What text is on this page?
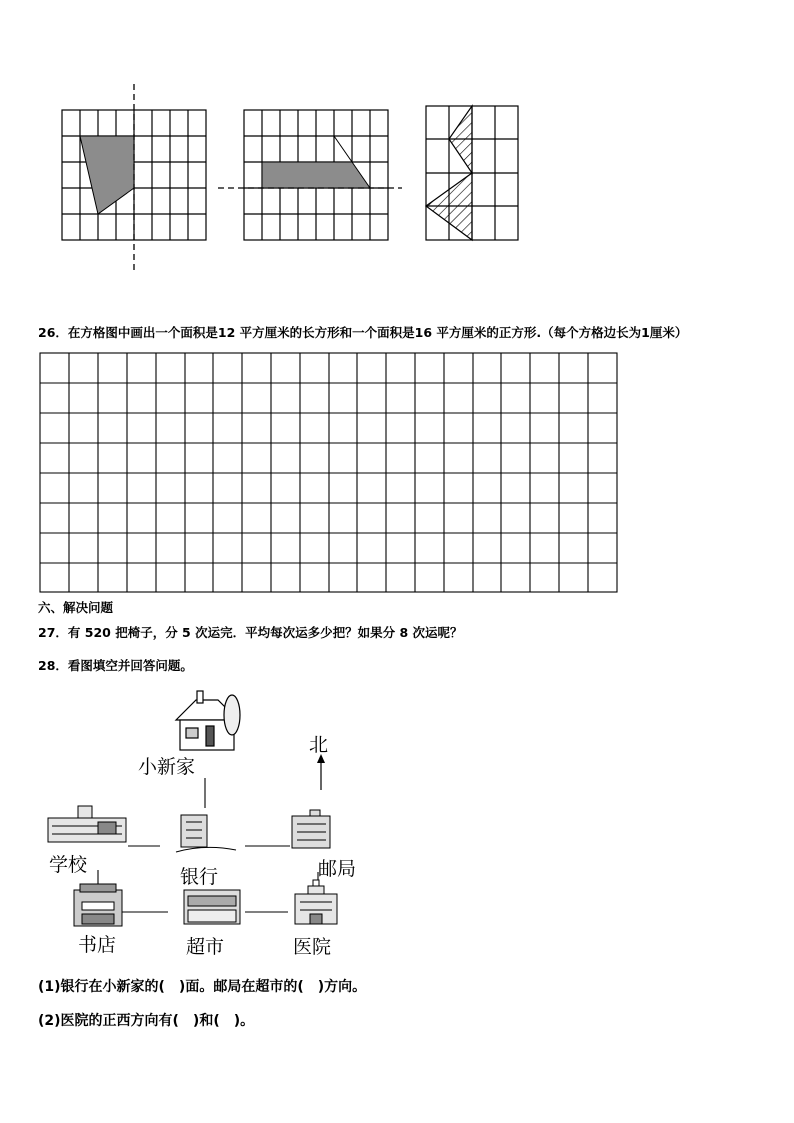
26．在方格图中画出一个面积是12 平方厘米的长方形和一个面积是16 平方厘米的正方形.（每个方格边长为1厘米）
六、解决问题
27．有 520 把椅子，分 5 次运完．平均每次运多少把？如果分 8 次运呢？
28．看图填空并回答问题。
北
小新家
学校
银行	邮局
书店	超市	医院
(1)银行在小新家的(　)面。邮局在超市的(　)方向。
(2)医院的正西方向有(　)和(　)。
